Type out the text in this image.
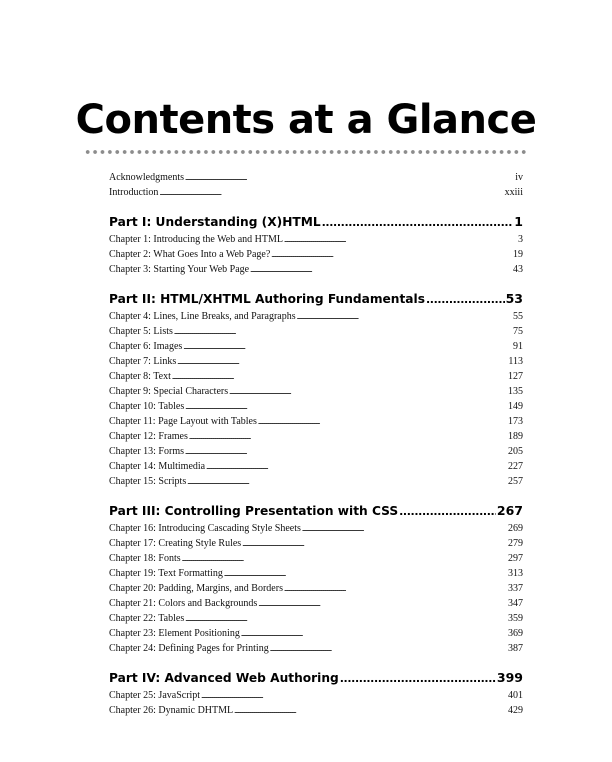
Contents at a Glance
Acknowledgments . . .	iv
Introduction . . .	xxiii
Part I: Understanding (X)HTML . . .	1
Chapter 1: Introducing the Web and HTML . . .	3
Chapter 2: What Goes Into a Web Page? . . .	19
Chapter 3: Starting Your Web Page . . .	43
Part II: HTML/XHTML Authoring Fundamentals . . .	53
Chapter 4: Lines, Line Breaks, and Paragraphs . . .	55
Chapter 5: Lists . . .	75
Chapter 6: Images . . .	91
Chapter 7: Links . . .	113
Chapter 8: Text . . .	127
Chapter 9: Special Characters . . .	135
Chapter 10: Tables . . .	149
Chapter 11: Page Layout with Tables . . .	173
Chapter 12: Frames . . .	189
Chapter 13: Forms . . .	205
Chapter 14: Multimedia . . .	227
Chapter 15: Scripts . . .	257
Part III: Controlling Presentation with CSS . . .	267
Chapter 16: Introducing Cascading Style Sheets . . .	269
Chapter 17: Creating Style Rules . . .	279
Chapter 18: Fonts . . .	297
Chapter 19: Text Formatting . . .	313
Chapter 20: Padding, Margins, and Borders . . .	337
Chapter 21: Colors and Backgrounds . . .	347
Chapter 22: Tables . . .	359
Chapter 23: Element Positioning . . .	369
Chapter 24: Defining Pages for Printing . . .	387
Part IV: Advanced Web Authoring . . .	399
Chapter 25: JavaScript . . .	401
Chapter 26: Dynamic DHTML . . .	429
